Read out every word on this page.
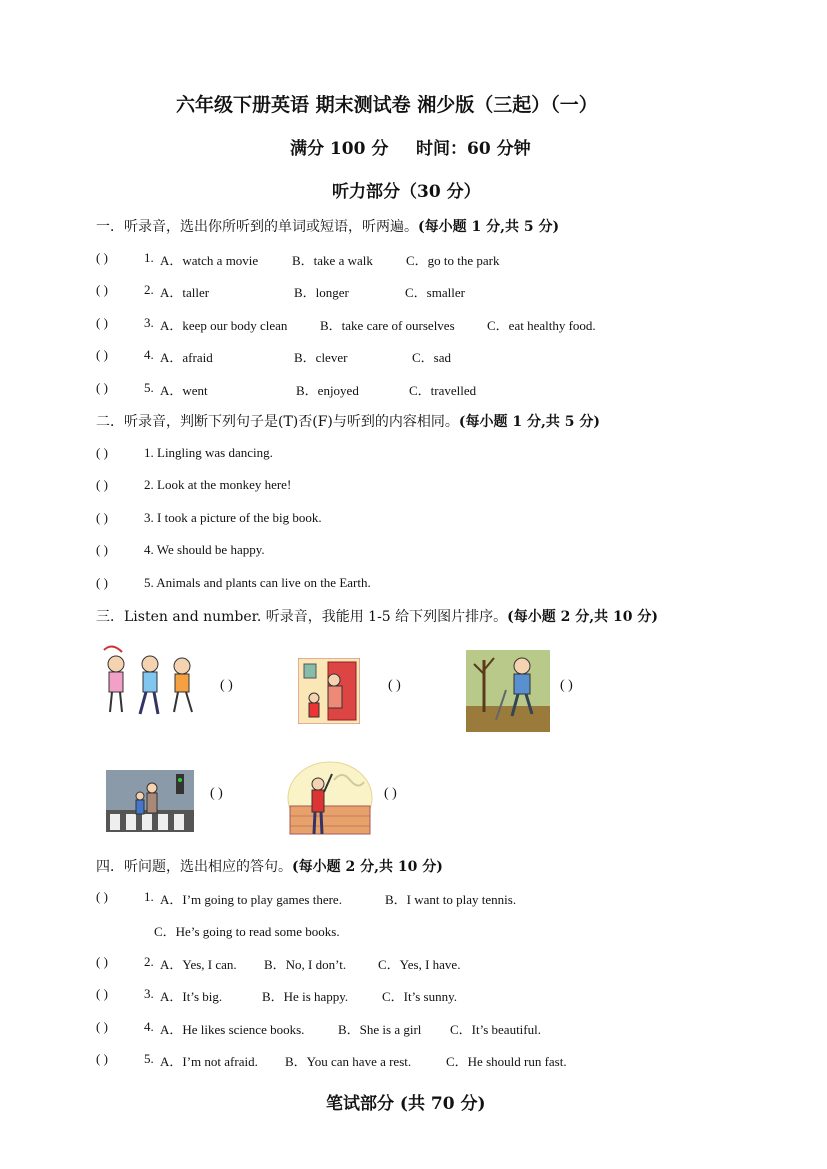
六年级下册英语 期末测试卷 湘少版（三起）（一）
满分 100 分 时间：60 分钟
听力部分（30 分）
一．听录音，选出你所听到的单词或短语，听两遍。(每小题 1 分,共 5 分)
( )	1. A．watch a movie	B．take a walk	C．go to the park
( )	2. A．taller	B．longer	C．smaller
( )	3. A．keep our body clean	B．take care of ourselves C．eat healthy food.
( )	4. A．afraid	B．clever	C．sad
( )	5. A．went	B．enjoyed	C．travelled
二．听录音，判断下列句子是(T)否(F)与听到的内容相同。(每小题 1 分,共 5 分)
( )	1. Lingling was dancing.
( )	2. Look at the monkey here!
( )	3. I took a picture of the big book.
( )	4. We should be happy.
( )	5. Animals and plants can live on the Earth.
三．Listen and number. 听录音，我能用 1-5 给下列图片排序。(每小题 2 分,共 10 分)
( )	( )	( )
( )	( )
四．听问题，选出相应的答句。(每小题 2 分,共 10 分)
( )	1. A．I’m going to play games there.	B．I want to play tennis.
C．He’s going to read some books.
( )	2. A．Yes, I can. B．No, I don’t. C．Yes, I have.
( )	3. A．It’s big.	B．He is happy.	C．It’s sunny.
( )	4. A．He likes science books.	B．She is a girl C．It’s beautiful.
( )	5. A．I’m not afraid. B．You can have a rest.	C．He should run fast.
笔试部分 (共 70 分)
